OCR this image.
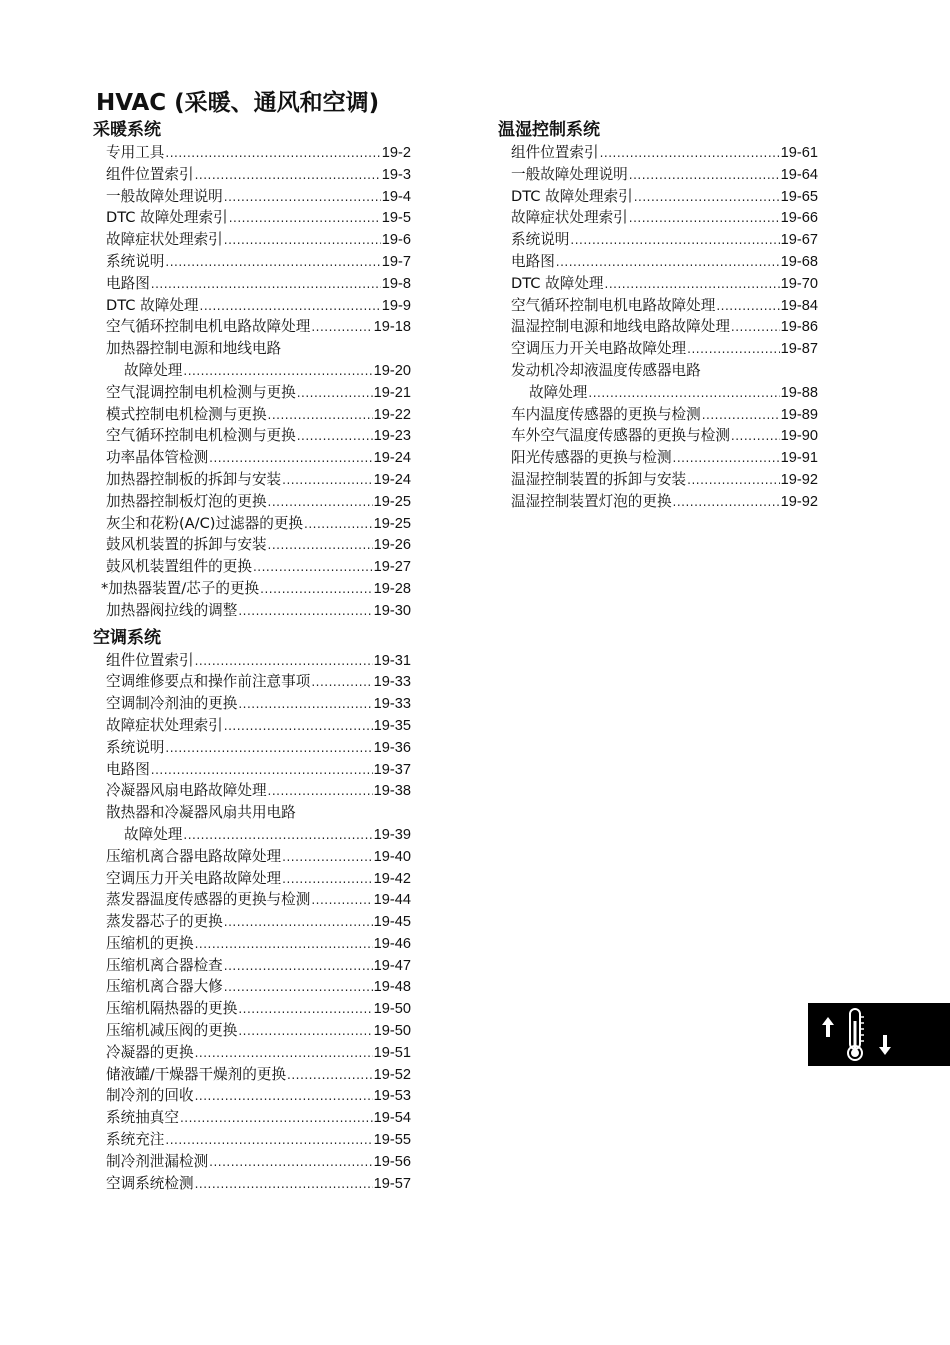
HVAC (采暖、通风和空调)
采暖系统
专用工具 .....	19-2
组件位置索引 .....	19-3
一般故障处理说明 .....	19-4
DTC 故障处理索引 .....	19-5
故障症状处理索引 .....	19-6
系统说明 .....	19-7
电路图 .....	19-8
DTC 故障处理 .....	19-9
空气循环控制电机电路故障处理 .....	19-18
加热器控制电源和地线电路
故障处理 .....	19-20
空气混调控制电机检测与更换 .....	19-21
模式控制电机检测与更换 .....	19-22
空气循环控制电机检测与更换 .....	19-23
功率晶体管检测 .....	19-24
加热器控制板的拆卸与安装 .....	19-24
加热器控制板灯泡的更换 .....	19-25
灰尘和花粉(A/C)过滤器的更换 .....	19-25
鼓风机装置的拆卸与安装 .....	19-26
鼓风机装置组件的更换 .....	19-27
*加热器装置/芯子的更换 .....	19-28
加热器阀拉线的调整 .....	19-30
空调系统
组件位置索引 .....	19-31
空调维修要点和操作前注意事项 .....	19-33
空调制冷剂油的更换 .....	19-33
故障症状处理索引 .....	19-35
系统说明 .....	19-36
电路图 .....	19-37
冷凝器风扇电路故障处理 .....	19-38
散热器和冷凝器风扇共用电路
故障处理 .....	19-39
压缩机离合器电路故障处理 .....	19-40
空调压力开关电路故障处理 .....	19-42
蒸发器温度传感器的更换与检测 .....	19-44
蒸发器芯子的更换 .....	19-45
压缩机的更换 .....	19-46
压缩机离合器检查 .....	19-47
压缩机离合器大修 .....	19-48
压缩机隔热器的更换 .....	19-50
压缩机减压阀的更换 .....	19-50
冷凝器的更换 .....	19-51
储液罐/干燥器干燥剂的更换 .....	19-52
制冷剂的回收 .....	19-53
系统抽真空 .....	19-54
系统充注 .....	19-55
制冷剂泄漏检测 .....	19-56
空调系统检测 .....	19-57
温湿控制系统
组件位置索引 .....	19-61
一般故障处理说明 .....	19-64
DTC 故障处理索引 .....	19-65
故障症状处理索引 .....	19-66
系统说明 .....	19-67
电路图 .....	19-68
DTC 故障处理 .....	19-70
空气循环控制电机电路故障处理 .....	19-84
温湿控制电源和地线电路故障处理 .....	19-86
空调压力开关电路故障处理 .....	19-87
发动机冷却液温度传感器电路
故障处理 .....	19-88
车内温度传感器的更换与检测 .....	19-89
车外空气温度传感器的更换与检测 .....	19-90
阳光传感器的更换与检测 .....	19-91
温湿控制装置的拆卸与安装 .....	19-92
温湿控制装置灯泡的更换 .....	19-92
